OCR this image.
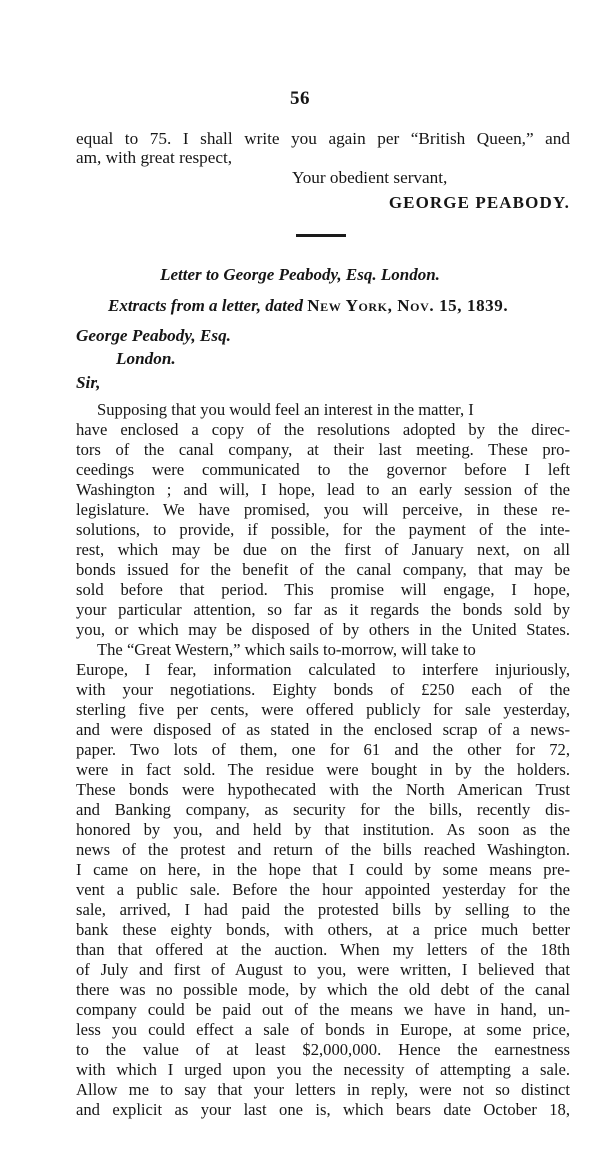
56
equal to 75. I shall write you again per “British Queen,” and
am, with great respect,
Your obedient servant,
GEORGE PEABODY.
Letter to George Peabody, Esq. London.
Extracts from a letter, dated New York, Nov. 15, 1839.
George Peabody, Esq.
London.
Sir,
Supposing that you would feel an interest in the matter, I
have enclosed a copy of the resolutions adopted by the direc-
tors of the canal company, at their last meeting. These pro-
ceedings were communicated to the governor before I left
Washington ; and will, I hope, lead to an early session of the
legislature. We have promised, you will perceive, in these re-
solutions, to provide, if possible, for the payment of the inte-
rest, which may be due on the first of January next, on all
bonds issued for the benefit of the canal company, that may be
sold before that period. This promise will engage, I hope,
your particular attention, so far as it regards the bonds sold by
you, or which may be disposed of by others in the United States.
The “Great Western,” which sails to-morrow, will take to
Europe, I fear, information calculated to interfere injuriously,
with your negotiations. Eighty bonds of £250 each of the
sterling five per cents, were offered publicly for sale yesterday,
and were disposed of as stated in the enclosed scrap of a news-
paper. Two lots of them, one for 61 and the other for 72,
were in fact sold. The residue were bought in by the holders.
These bonds were hypothecated with the North American Trust
and Banking company, as security for the bills, recently dis-
honored by you, and held by that institution. As soon as the
news of the protest and return of the bills reached Washington.
I came on here, in the hope that I could by some means pre-
vent a public sale. Before the hour appointed yesterday for the
sale, arrived, I had paid the protested bills by selling to the
bank these eighty bonds, with others, at a price much better
than that offered at the auction. When my letters of the 18th
of July and first of August to you, were written, I believed that
there was no possible mode, by which the old debt of the canal
company could be paid out of the means we have in hand, un-
less you could effect a sale of bonds in Europe, at some price,
to the value of at least $2,000,000. Hence the earnestness
with which I urged upon you the necessity of attempting a sale.
Allow me to say that your letters in reply, were not so distinct
and explicit as your last one is, which bears date October 18,
